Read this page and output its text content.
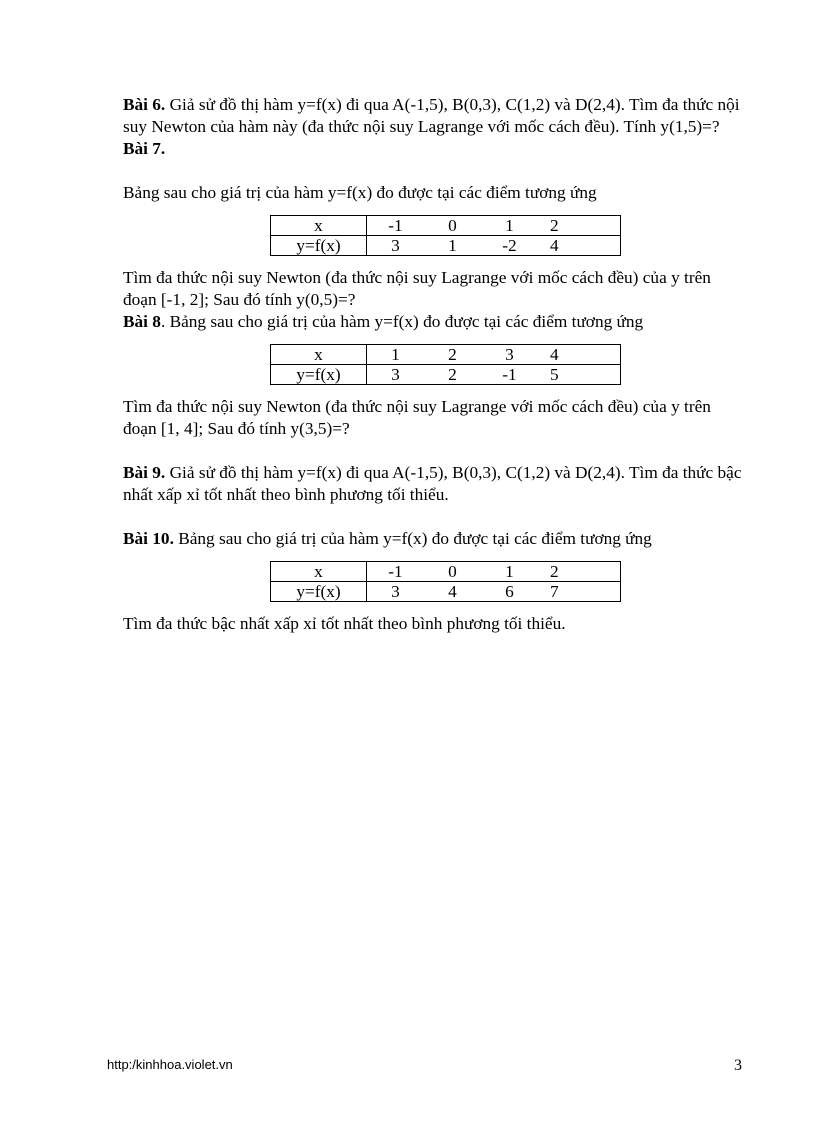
Bài 6. Giả sử đồ thị hàm y=f(x) đi qua A(-1,5), B(0,3), C(1,2) và D(2,4). Tìm đa thức nội suy Newton của hàm này (đa thức nội suy Lagrange với mốc cách đều). Tính y(1,5)=?

Bài 7.

Bảng sau cho giá trị của hàm y=f(x) đo được tại các điểm tương ứng

x	-1	0	1	2
y=f(x)	3	1	-2	4

Tìm đa thức nội suy Newton (đa thức nội suy Lagrange với mốc cách đều) của y trên đoạn [-1, 2]; Sau đó tính y(0,5)=?

Bài 8. Bảng sau cho giá trị của hàm y=f(x) đo được tại các điểm tương ứng

x	1	2	3	4
y=f(x)	3	2	-1	5

Tìm đa thức nội suy Newton (đa thức nội suy Lagrange với mốc cách đều) của y trên đoạn [1, 4]; Sau đó tính y(3,5)=?

Bài 9. Giả sử đồ thị hàm y=f(x) đi qua A(-1,5), B(0,3), C(1,2) và D(2,4). Tìm đa thức bậc nhất xấp xỉ tốt nhất theo bình phương tối thiểu.

Bài 10. Bảng sau cho giá trị của hàm y=f(x) đo được tại các điểm tương ứng

x	-1	0	1	2
y=f(x)	3	4	6	7

Tìm đa thức bậc nhất xấp xỉ tốt nhất theo bình phương tối thiểu.

http:/kinhhoa.violet.vn	3
